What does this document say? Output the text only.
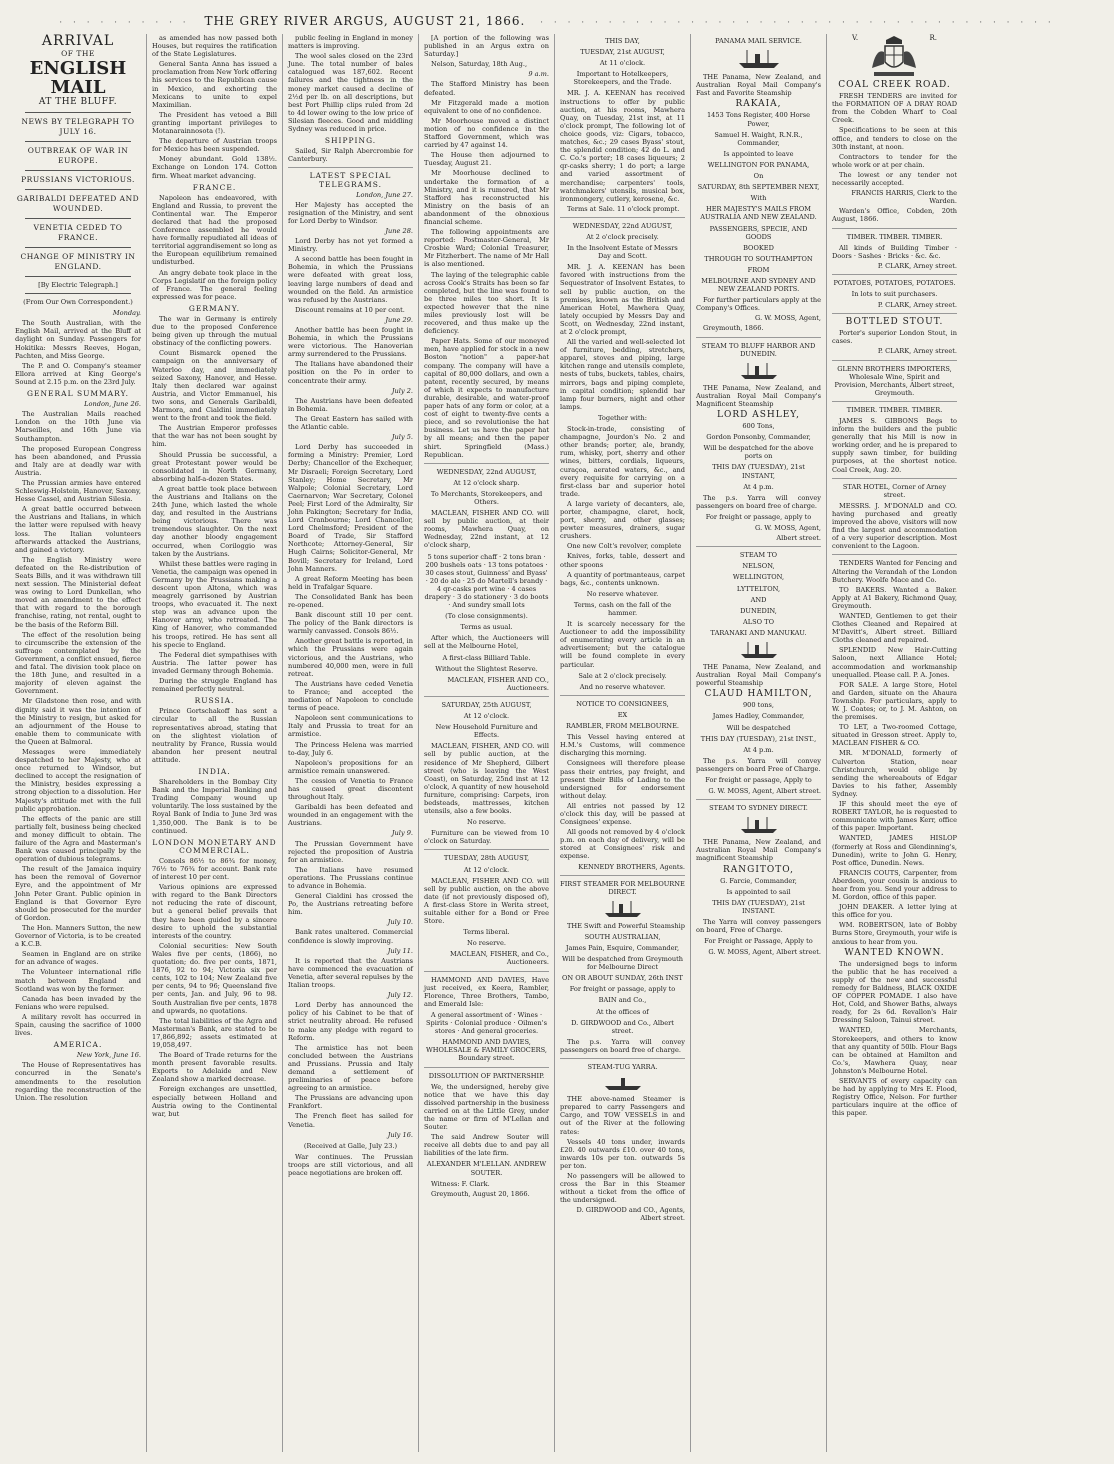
· · · · · · · · · · THE GREY RIVER ARGUS, AUGUST 21, 1866. · · · · · · · · · · · · · · · · · · · · · · · · · · · · · · · · · · · · · ·
ARRIVAL
OF THE
ENGLISH MAIL
AT THE BLUFF.
NEWS BY TELEGRAPH TO JULY 16.
OUTBREAK OF WAR IN EUROPE.
PRUSSIANS VICTORIOUS.
GARIBALDI DEFEATED AND WOUNDED.
VENETIA CEDED TO FRANCE.
CHANGE OF MINISTRY IN ENGLAND.

[By Electric Telegraph.]

(From Our Own Correspondent.)

Monday.

The South Australian, with the English Mail, arrived at the Bluff at daylight on Sunday. Passengers for Hokitika: Messrs Reeves, Hogan, Pachten, and Miss George.

The P. and O. Company's steamer Ellora arrived at King George's Sound at 2.15 p.m. on the 23rd July.

GENERAL SUMMARY.

London, June 26.

The Australian Mails reached London on the 10th June via Marseilles, and 16th June via Southampton.

The proposed European Congress has been abandoned, and Prussia and Italy are at deadly war with Austria.

The Prussian armies have entered Schleswig-Holstein, Hanover, Saxony, Hesse Cassel, and Austrian Silesia.

A great battle occurred between the Austrians and Italians, in which the latter were repulsed with heavy loss. The Italian volunteers afterwards attacked the Austrians, and gained a victory.

The English Ministry were defeated on the Re-distribution of Seats Bills, and it was withdrawn till next session. The Ministerial defeat was owing to Lord Dunkellan, who moved an amendment to the effect that with regard to the borough franchise, rating, not rental, ought to be the basis of the Reform Bill.

The effect of the resolution being to circumscribe the extension of the suffrage contemplated by the Government, a conflict ensued, fierce and fatal. The division took place on the 18th June, and resulted in a majority of eleven against the Government.

Mr Gladstone then rose, and with dignity said it was the intention of the Ministry to resign, but asked for an adjournment of the House to enable them to communicate with the Queen at Balmoral.

Messages were immediately despatched to her Majesty, who at once returned to Windsor, but declined to accept the resignation of the Ministry, besides expressing a strong objection to a dissolution. Her Majesty's attitude met with the full public approbation.

The effects of the panic are still partially felt, business being checked and money difficult to obtain. The failure of the Agra and Masterman's Bank was caused principally by the operation of dubious telegrams.

The result of the Jamaica inquiry has been the removal of Governor Eyre, and the appointment of Mr John Peter Grant. Public opinion in England is that Governor Eyre should be prosecuted for the murder of Gordon.

The Hon. Manners Sutton, the new Governor of Victoria, is to be created a K.C.B.

Seamen in England are on strike for an advance of wages.

The Volunteer international rifle match between England and Scotland was won by the former.

Canada has been invaded by the Fenians who were repulsed.

A military revolt has occurred in Spain, causing the sacrifice of 1000 lives.

AMERICA.

New York, June 16.

The House of Representatives has concurred in the Senate's amendments to the resolution regarding the reconstruction of the Union. The resolution

as amended has now passed both Houses, but requires the ratification of the State Legislatures.

General Santa Anna has issued a proclamation from New York offering his services to the Republican cause in Mexico, and exhorting the Mexicans to unite to expel Maximilian.

The President has vetoed a Bill granting important privileges to Motanarainnosota (!).

The departure of Austrian troops for Mexico has been suspended.

Money abundant. Gold 138½. Exchange on London 174. Cotton firm. Wheat market advancing.

FRANCE.

Napoleon has endeavored, with England and Russia, to prevent the Continental war. The Emperor declared that had the proposed Conference assembled he would have formally repudiated all ideas of territorial aggrandisement so long as the European equilibrium remained undisturbed.

An angry debate took place in the Corps Legislatif on the foreign policy of France. The general feeling expressed was for peace.

GERMANY.

The war in Germany is entirely due to the proposed Conference being given up through the mutual obstinacy of the conflicting powers.

Count Bismarck opened the campaign on the anniversary of Waterloo day, and immediately seized Saxony, Hanover, and Hesse. Italy then declared war against Austria, and Victor Emmanuel, his two sons, and Generals Garibaldi, Marmora, and Cialdini immediately went to the front and took the field.

The Austrian Emperor professes that the war has not been sought by him.

Should Prussia be successful, a great Protestant power would be consolidated in North Germany, absorbing half-a-dozen States.

A great battle took place between the Austrians and Italians on the 24th June, which lasted the whole day, and resulted in the Austrians being victorious. There was tremendous slaughter. On the next day another bloody engagement occurred, when Coriloggio was taken by the Austrians.

Whilst these battles were raging in Venetia, the campaign was opened in Germany by the Prussians making a descent upon Altona, which was meagrely garrisoned by Austrian troops, who evacuated it. The next step was an advance upon the Hanover army, who retreated. The King of Hanover, who commanded his troops, retired. He has sent all his specie to England.

The Federal diet sympathises with Austria. The latter power has invaded Germany through Bohemia.

During the struggle England has remained perfectly neutral.

RUSSIA.

Prince Gortschakoff has sent a circular to all the Russian representatives abroad, stating that on the slightest violation of neutrality by France, Russia would abandon her present neutral attitude.

INDIA.

Shareholders in the Bombay City Bank and the Imperial Banking and Trading Company wound up voluntarily. The loss sustained by the Royal Bank of India to June 3rd was 1,350,000. The Bank is to be continued.

LONDON MONETARY AND COMMERCIAL.

Consols 86½ to 86¾ for money, 76½ to 76¾ for account. Bank rate of interest 10 per cent.

Various opinions are expressed with regard to the Bank Directors not reducing the rate of discount, but a general belief prevails that they have been guided by a sincere desire to uphold the substantial interests of the country.

Colonial securities: New South Wales five per cents, (1866), no quotation; do. five per cents, 1871, 1876, 92 to 94; Victoria six per cents, 102 to 104; New Zealand five per cents, 94 to 96; Queensland five per cents, Jan. and July, 96 to 98. South Australian five per cents, 1878 and upwards, no quotations.

The total liabilities of the Agra and Masterman's Bank, are stated to be 17,866,892; assets estimated at 19,058,497.

The Board of Trade returns for the month present favorable results. Exports to Adelaide and New Zealand show a marked decrease.

Foreign exchanges are unsettled, especially between Holland and Austria owing to the Continental war, but

public feeling in England in money matters is improving.

The wool sales closed on the 23rd June. The total number of bales catalogued was 187,602. Recent failures and the tightness in the money market caused a decline of 2½d per lb. on all descriptions, but best Port Phillip clips ruled from 2d to 4d lower owing to the low price of Silesian fleeces. Good and middling Sydney was reduced in price.

SHIPPING.

Sailed, Sir Ralph Abercrombie for Canterbury.

LATEST SPECIAL TELEGRAMS.

London, June 27.

Her Majesty has accepted the resignation of the Ministry, and sent for Lord Derby to Windsor.

June 28.

Lord Derby has not yet formed a Ministry.

A second battle has been fought in Bohemia, in which the Prussians were defeated with great loss, leaving large numbers of dead and wounded on the field. An armistice was refused by the Austrians.

Discount remains at 10 per cent.

June 29.

Another battle has been fought in Bohemia, in which the Prussians were victorious. The Hanoverian army surrendered to the Prussians.

The Italians have abandoned their position on the Po in order to concentrate their army.

July 2.

The Austrians have been defeated in Bohemia.

The Great Eastern has sailed with the Atlantic cable.

July 5.

Lord Derby has succeeded in forming a Ministry: Premier, Lord Derby; Chancellor of the Exchequer, Mr Disraeli; Foreign Secretary, Lord Stanley; Home Secretary, Mr Walpole; Colonial Secretary, Lord Caernarvon; War Secretary, Colonel Peel; First Lord of the Admiralty, Sir John Pakington; Secretary for India, Lord Cranbourne; Lord Chancellor, Lord Chelmsford; President of the Board of Trade, Sir Stafford Northcote; Attorney-General, Sir Hugh Cairns; Solicitor-General, Mr Bovill; Secretary for Ireland, Lord John Manners.

A great Reform Meeting has been held in Trafalgar Square.

The Consolidated Bank has been re-opened.

Bank discount still 10 per cent. The policy of the Bank directors is warmly canvassed. Consols 86½.

Another great battle is reported, in which the Prussians were again victorious, and the Austrians, who numbered 40,000 men, were in full retreat.

The Austrians have ceded Venetia to France; and accepted the mediation of Napoleon to conclude terms of peace.

Napoleon sent communications to Italy and Prussia to treat for an armistice.

The Princess Helena was married to-day, July 6.

Napoleon's propositions for an armistice remain unanswered.

The cession of Venetia to France has caused great discontent throughout Italy.

Garibaldi has been defeated and wounded in an engagement with the Austrians.

July 9.

The Prussian Government have rejected the proposition of Austria for an armistice.

The Italians have resumed operations. The Prussians continue to advance in Bohemia.

General Cialdini has crossed the Po, the Austrians retreating before him.

July 10.

Bank rates unaltered. Commercial confidence is slowly improving.

July 11.

It is reported that the Austrians have commenced the evacuation of Venetia, after several repulses by the Italian troops.

July 12.

Lord Derby has announced the policy of his Cabinet to be that of strict neutrality abroad. He refused to make any pledge with regard to Reform.

The armistice has not been concluded between the Austrians and Prussians. Prussia and Italy demand a settlement of preliminaries of peace before agreeing to an armistice.

The Prussians are advancing upon Frankfort.

The French fleet has sailed for Venetia.

July 16.

(Received at Galle, July 23.)

War continues. The Prussian troops are still victorious, and all peace negotiations are broken off.

[A portion of the following was published in an Argus extra on Saturday.]

Nelson, Saturday, 18th Aug.,

9 a.m.

The Stafford Ministry has been defeated.

Mr Fitzgerald made a motion equivalent to one of no confidence.

Mr Moorhouse moved a distinct motion of no confidence in the Stafford Government, which was carried by 47 against 14.

The House then adjourned to Tuesday, August 21.

Mr Moorhouse declined to undertake the formation of a Ministry, and it is rumored, that Mr Stafford has reconstructed his Ministry on the basis of an abandonment of the obnoxious financial scheme.

The following appointments are reported: Postmaster-General, Mr Crosbie Ward; Colonial Treasurer, Mr Fitzherbert. The name of Mr Hall is also mentioned.

The laying of the telegraphic cable across Cook's Straits has been so far completed, but the line was found to be three miles too short. It is expected however that the nine miles previously lost will be recovered, and thus make up the deficiency.

Paper Hats. Some of our moneyed men, have applied for stock in a new Boston "notion" a paper-hat company. The company will have a capital of 80,000 dollars, and own a patent, recently secured, by means of which it expects to manufacture durable, desirable, and water-proof paper hats of any form or color, at a cost of eight to twenty-five cents a piece, and so revolutionise the hat business. Let us have the paper hat by all means; and then the paper shirt. Springfield (Mass.) Republican.

WEDNESDAY, 22nd AUGUST,

At 12 o'clock sharp.

To Merchants, Storekeepers, and Others.

MACLEAN, FISHER AND CO. will sell by public auction, at their rooms, Mawhera Quay, on Wednesday, 22nd instant, at 12 o'clock sharp,

5 tons superior chaff · 2 tons bran · 200 bushels oats · 13 tons potatoes · 30 cases stout, Guinness' and Byass' · 20 do ale · 25 do Martell's brandy · 4 qr-casks port wine · 4 cases drapery · 3 do stationery · 3 do boots · And sundry small lots

(To close consignments).

Terms as usual.

After which, the Auctioneers will sell at the Melbourne Hotel,

A first-class Billiard Table.

Without the Slightest Reserve.

MACLEAN, FISHER AND CO., Auctioneers.

SATURDAY, 25th AUGUST,

At 12 o'clock.

New Household Furniture and Effects.

MACLEAN, FISHER, AND CO. will sell by public auction, at the residence of Mr Shepherd, Gilbert street (who is leaving the West Coast), on Saturday, 25nd inst at 12 o'clock, A quantity of new household furniture, comprising: Carpets, iron bedsteads, mattresses, kitchen utensils, also a few books.

No reserve.

Furniture can be viewed from 10 o'clock on Saturday.

TUESDAY, 28th AUGUST,

At 12 o'clock.

MACLEAN, FISHER AND CO. will sell by public auction, on the above date (if not previously disposed of), A first-class Store in Werita street, suitable either for a Bond or Free Store.

Terms liberal.

No reserve.

MACLEAN, FISHER, and Co., Auctioneers.

HAMMOND AND DAVIES, Have just received, ex Keera, Rambler, Florence, Three Brothers, Tambo, and Emerald Isle:

A general assortment of · Wines · Spirits · Colonial produce · Oilmen's stores · And general groceries.

HAMMOND AND DAVIES, WHOLESALE & FAMILY GROCERS, Boundary street.

DISSOLUTION OF PARTNERSHIP.

We, the undersigned, hereby give notice that we have this day dissolved partnership in the business carried on at the Little Grey, under the name or firm of M'Lellan and Souter.

The said Andrew Souter will receive all debts due to and pay all liabilities of the late firm.

ALEXANDER M'LELLAN. ANDREW SOUTER.

Witness: F. Clark.

Greymouth, August 20, 1866.

THIS DAY,

TUESDAY, 21st AUGUST,

At 11 o'clock.

Important to Hotelkeepers, Storekeepers, and the Trade.

MR. J. A. KEENAN has received instructions to offer by public auction, at his rooms, Mawhera Quay, on Tuesday, 21st inst, at 11 o'clock prompt, The following lot of choice goods, viz: Cigars, tobacco, matches, &c.; 29 cases Byass' stout, the splendid condition; 42 do L. and C. Co.'s porter; 18 cases liqueurs; 2 qr-casks sherry; 1 do port; a large and varied assortment of merchandise; carpenters' tools, watchmakers' utensils, musical box, ironmongery, cutlery, kerosene, &c.

Terms at Sale. 11 o'clock prompt.

WEDNESDAY, 22nd AUGUST,

At 2 o'clock precisely.

In the Insolvent Estate of Messrs Day and Scott.

MR. J. A. KEENAN has been favored with instructions from the Sequestrator of Insolvent Estates, to sell by public auction, on the premises, known as the British and American Hotel, Mawhera Quay, lately occupied by Messrs Day and Scott, on Wednesday, 22nd instant, at 2 o'clock prompt,

All the varied and well-selected lot of furniture, bedding, stretchers, apparel, stoves and piping, large kitchen range and utensils complete, nests of tubs, buckets, tables, chairs, mirrors, bags and piping complete, in capital condition; splendid bar lamp four burners, night and other lamps.

Together with:

Stock-in-trade, consisting of champagne, Jourdon's No. 2 and other brands; porter, ale, brandy, rum, whisky, port, sherry and other wines, bitters, cordials, liqueurs, curaçoa, aerated waters, &c., and every requisite for carrying on a first-class bar and superior hotel trade.

A large variety of decanters, ale, porter, champagne, claret, hock, port, sherry, and other glasses; pewter measures, drainers, sugar crushers.

One new Colt's revolver, complete

Knives, forks, table, dessert and other spoons

A quantity of portmanteaus, carpet bags, &c., contents unknown.

No reserve whatever.

Terms, cash on the fall of the hammer.

It is scarcely necessary for the Auctioneer to add the impossibility of enumerating every article in an advertisement; but the catalogue will be found complete in every particular.

Sale at 2 o'clock precisely.

And no reserve whatever.

NOTICE TO CONSIGNEES,

EX

RAMBLER, FROM MELBOURNE.

This Vessel having entered at H.M.'s Customs, will commence discharging this morning.

Consignees will therefore please pass their entries, pay freight, and present their Bills of Lading to the undersigned for endorsement without delay.

All entries not passed by 12 o'clock this day, will be passed at Consignees' expense.

All goods not removed by 4 o'clock p.m. on each day of delivery, will be stored at Consignees' risk and expense.

KENNEDY BROTHERS, Agents.

FIRST STEAMER FOR MELBOURNE DIRECT.

THE Swift and Powerful Steamship

SOUTH AUSTRALIAN,

James Pain, Esquire, Commander,

Will be despatched from Greymouth for Melbourne Direct

ON OR ABOUT SUNDAY, 26th INST

For freight or passage, apply to

BAIN and Co.,

At the offices of

D. GIRDWOOD and Co., Albert street.

The p.s. Yarra will convey passengers on board free of charge.

STEAM-TUG YARRA.

THE above-named Steamer is prepared to carry Passengers and Cargo, and TOW VESSELS in and out of the River at the following rates:

Vessels 40 tons under, inwards £20. 40 outwards £10. over 40 tons, inwards 10s per ton. outwards 5s per ton.

No passengers will be allowed to cross the Bar in this Steamer without a ticket from the office of the undersigned.

D. GIRDWOOD and CO., Agents, Albert street.

PANAMA MAIL SERVICE.

THE Panama, New Zealand, and Australian Royal Mail Company's Fast and Favorite Steamship

RAKAIA,

1453 Tons Register, 400 Horse Power,

Samuel H. Waight, R.N.R., Commander,

Is appointed to leave

WELLINGTON FOR PANAMA,

On

SATURDAY, 8th SEPTEMBER NEXT,

With

HER MAJESTY'S MAILS FROM AUSTRALIA AND NEW ZEALAND.

PASSENGERS, SPECIE, AND GOODS

BOOKED

THROUGH TO SOUTHAMPTON

FROM

MELBOURNE AND SYDNEY AND NEW ZEALAND PORTS.

For further particulars apply at the Company's Offices.

G. W. MOSS, Agent,

Greymouth, 1866.

STEAM TO BLUFF HARBOR AND DUNEDIN.

THE Panama, New Zealand, and Australian Royal Mail Company's Magnificent Steamship

LORD ASHLEY,

600 Tons,

Gordon Ponsonby, Commander,

Will be despatched for the above ports on

THIS DAY (TUESDAY), 21st INSTANT,

At 4 p.m.

The p.s. Yarra will convey passengers on board free of charge.

For freight or passage, apply to

G. W. MOSS, Agent,

Albert street.

STEAM TO

NELSON,

WELLINGTON,

LYTTELTON,

AND

DUNEDIN,

ALSO TO

TARANAKI AND MANUKAU.

THE Panama, New Zealand, and Australian Royal Mail Company's powerful Steamship

CLAUD HAMILTON,

900 tons,

James Hadley, Commander,

Will be despatched

THIS DAY (TUESDAY), 21st INST.,

At 4 p.m.

The p.s. Yarra will convey passengers on board Free of Charge.

For freight or passage, Apply to

G. W. MOSS, Agent, Albert street.

STEAM TO SYDNEY DIRECT.

THE Panama, New Zealand, and Australian Royal Mail Company's magnificent Steamship

RANGITOTO,

G. Farcie, Commander,

Is appointed to sail

THIS DAY (TUESDAY), 21st INSTANT.

The Yarra will convey passengers on board, Free of Charge.

For Freight or Passage, Apply to

G. W. MOSS, Agent, Albert street.

V.	R.

COAL CREEK ROAD.

FRESH TENDERS are invited for the FORMATION OF A DRAY ROAD from the Cobden Wharf to Coal Creek.

Specifications to be seen at this office, and tenders to close on the 30th instant, at noon.

Contractors to tender for the whole work or at per chain.

The lowest or any tender not necessarily accepted.

FRANCIS HARRIS, Clerk to the Warden.

Warden's Office, Cobden, 20th August, 1866.

TIMBER. TIMBER. TIMBER.

All kinds of Building Timber · Doors · Sashes · Bricks · &c. &c.

P. CLARK, Arney street.

POTATOES, POTATOES, POTATOES.

In lots to suit purchasers.

P. CLARK, Arney street.

BOTTLED STOUT.

Porter's superior London Stout, in cases.

P. CLARK, Arney street.

GLENN BROTHERS IMPORTERS, Wholesale Wine, Spirit and Provision, Merchants, Albert street, Greymouth.

TIMBER. TIMBER. TIMBER.

JAMES S. GIBBONS Begs to inform the builders and the public generally that his Mill is now in working order, and he is prepared to supply sawn timber, for building purposes, at the shortest notice. Coal Creek, Aug. 20.

STAR HOTEL, Corner of Arney street.

MESSRS. J. M'DONALD and CO. having purchased and greatly improved the above, visitors will now find the largest and accommodation of a very superior description. Most convenient to the Lagoon.

TENDERS Wanted for Fencing and Altering the Verandah of the London Butchery. Woolfe Mace and Co.

TO BAKERS. Wanted a Baker. Apply at A1 Bakery, Richmond Quay, Greymouth.

WANTED, Gentlemen to get their Clothes Cleaned and Repaired at M'Davitt's, Albert street. Billiard Cloths cleaned and repaired.

SPLENDID New Hair-Cutting Saloon, next Alliance Hotel; accommodation and workmanship unequalled. Please call. P. A. Jones.

FOR SALE. A large Store, Hotel and Garden, situate on the Ahaura Township. For particulars, apply to W. J. Coates; or, to J. M. Ashton, on the premises.

TO LET, a Two-roomed Cottage, situated in Gresson street. Apply to, MACLEAN FISHER & CO.

MR. M'DONALD, formerly of Culverton Station, near Christchurch, would oblige by sending the whereabouts of Edgar Davies to his father, Assembly Sydney.

IF this should meet the eye of ROBERT TAYLOR, he is requested to communicate with James Kerr, office of this paper. Important.

WANTED, JAMES HISLOP (formerly at Ross and Glendinning's, Dunedin), write to John G. Henry, Post office, Dunedin. News.

FRANCIS COUTS, Carpenter, from Aberdeen, your cousin is anxious to hear from you. Send your address to M. Gordon, office of this paper.

JOHN DEAKER. A letter lying at this office for you.

WM. ROBERTSON, late of Bobby Burns Store, Greymouth, your wife is anxious to hear from you.

WANTED KNOWN.

The undersigned begs to inform the public that he has received a supply of the new and successful remedy for Baldness, BLACK OXIDE OF COPPER POMADE. I also have Hot, Cold, and Shower Baths, always ready, for 2s 6d. Revallon's Hair Dressing Saloon, Tainui street.

WANTED, Merchants, Storekeepers, and others to know that any quantity of 50lb. Flour Bags can be obtained at Hamilton and Co.'s, Mawhera Quay, near Johnston's Melbourne Hotel.

SERVANTS of every capacity can be had by applying to Mrs E. Flood, Registry Office, Nelson. For further particulars inquire at the office of this paper.
